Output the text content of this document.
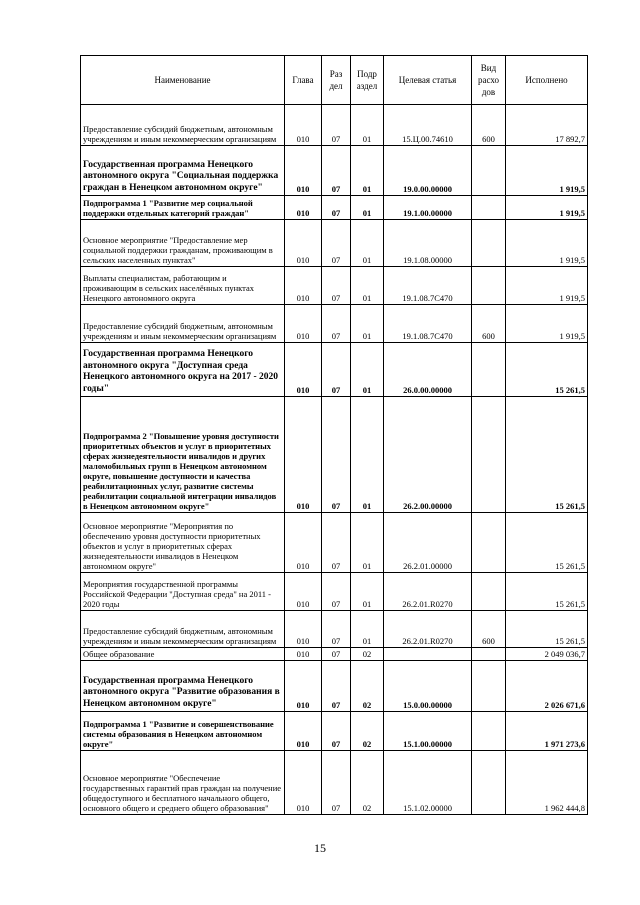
Наименование	Глава	Раз дел	Подр аздел	Целевая статья	Вид расхо дов	Исполнено
Предоставление субсидий бюджетным, автономным учреждениям и иным некоммерческим организациям	010	07	01	15.Ц.00.74610	600	17 892,7
Государственная программа Ненецкого автономного округа "Социальная поддержка граждан в Ненецком автономном округе"	010	07	01	19.0.00.00000		1 919,5
Подпрограмма 1 "Развитие мер социальной поддержки отдельных категорий граждан"	010	07	01	19.1.00.00000		1 919,5
Основное мероприятие "Предоставление мер социальной поддержки гражданам, проживающим в сельских населенных пунктах"	010	07	01	19.1.08.00000		1 919,5
Выплаты специалистам, работающим и проживающим в сельских населённых пунктах Ненецкого автономного округа	010	07	01	19.1.08.7С470		1 919,5
Предоставление субсидий бюджетным, автономным учреждениям и иным некоммерческим организациям	010	07	01	19.1.08.7С470	600	1 919,5
Государственная программа Ненецкого автономного округа "Доступная среда Ненецкого автономного округа на 2017 - 2020 годы"	010	07	01	26.0.00.00000		15 261,5
Подпрограмма 2 "Повышение уровня доступности приоритетных объектов и услуг в приоритетных сферах жизнедеятельности инвалидов и других маломобильных групп в Ненецком автономном округе, повышение доступности и качества реабилитационных услуг, развитие системы реабилитации социальной интеграции инвалидов в Ненецком автономном округе"	010	07	01	26.2.00.00000		15 261,5
Основное мероприятие "Мероприятия по обеспечению уровня доступности приоритетных объектов и услуг в приоритетных сферах жизнедеятельности инвалидов в Ненецком автономном округе"	010	07	01	26.2.01.00000		15 261,5
Мероприятия государственной программы Российской Федерации "Доступная среда" на 2011 - 2020 годы	010	07	01	26.2.01.R0270		15 261,5
Предоставление субсидий бюджетным, автономным учреждениям и иным некоммерческим организациям	010	07	01	26.2.01.R0270	600	15 261,5
Общее образование	010	07	02			2 049 036,7
Государственная программа Ненецкого автономного округа "Развитие образования в Ненецком автономном округе"	010	07	02	15.0.00.00000		2 026 671,6
Подпрограмма 1 "Развитие и совершенствование системы образования в Ненецком автономном округе"	010	07	02	15.1.00.00000		1 971 273,6
Основное мероприятие "Обеспечение государственных гарантий прав граждан на получение общедоступного и бесплатного начального общего, основного общего и среднего общего образования"	010	07	02	15.1.02.00000		1 962 444,8
15
